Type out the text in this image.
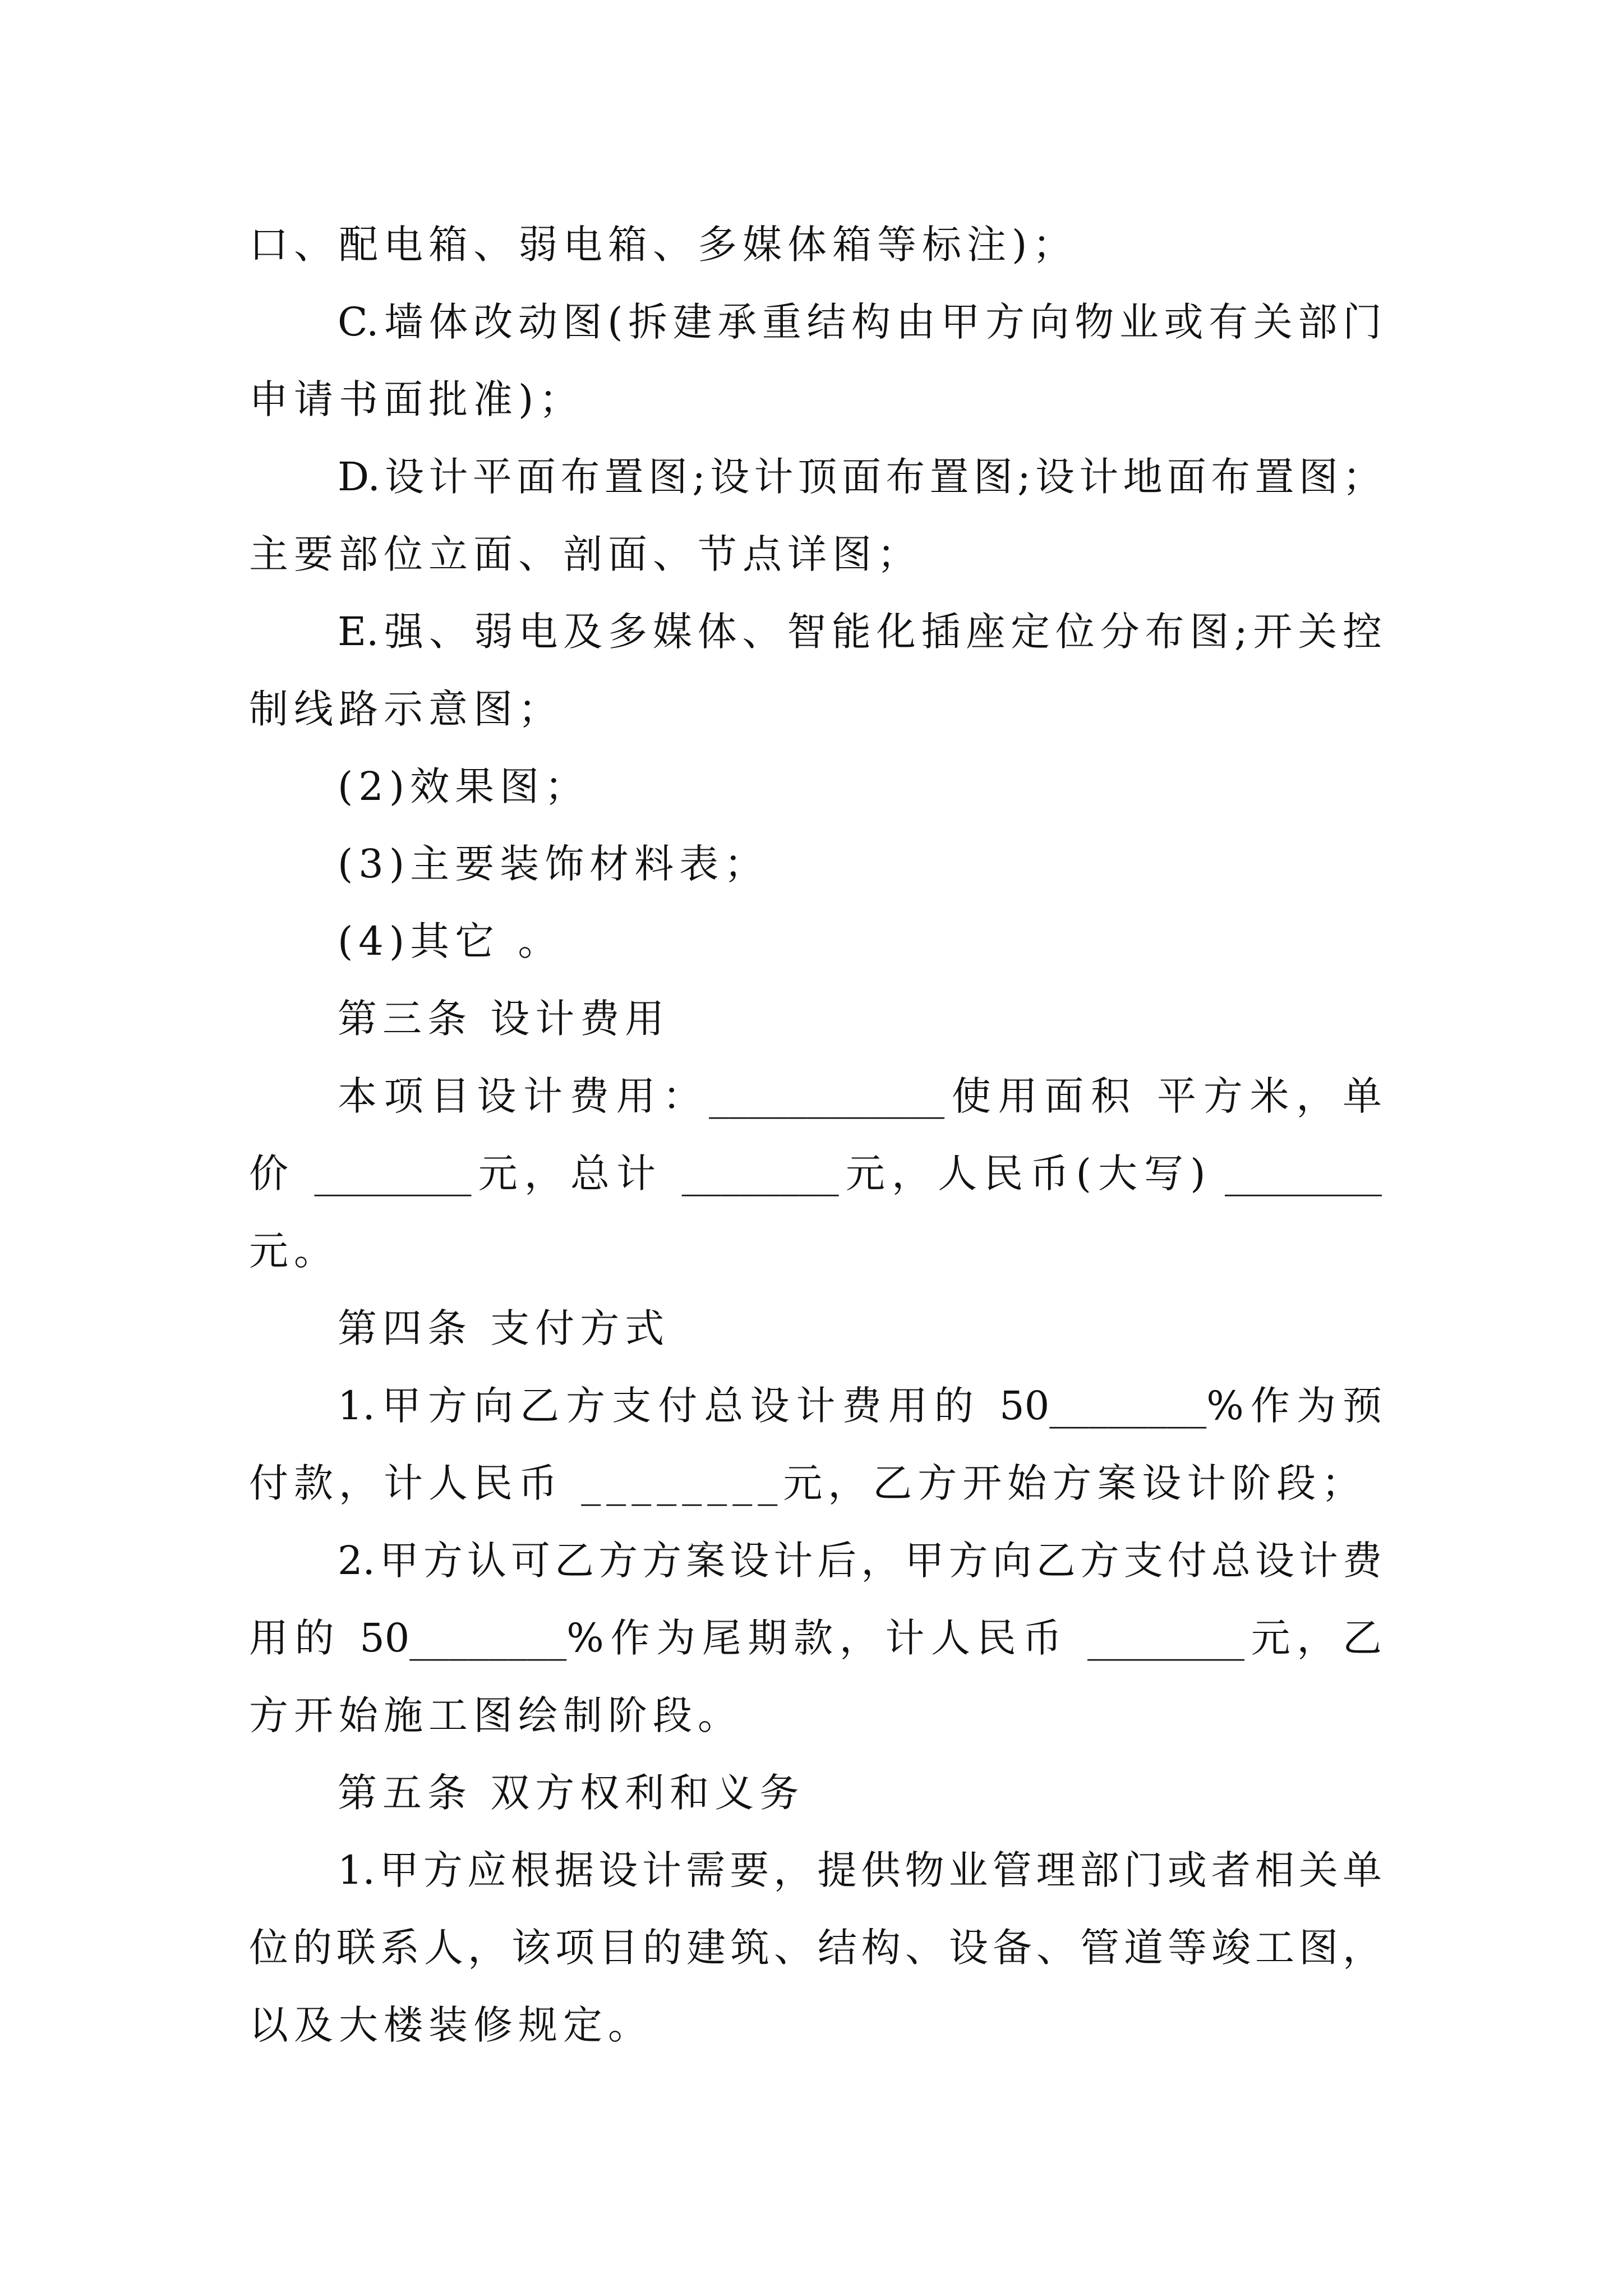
口、配电箱、弱电箱、多媒体箱等标注)；

C.墙体改动图(拆建承重结构由甲方向物业或有关部门

申请书面批准)；

D.设计平面布置图;设计顶面布置图;设计地面布置图；

主要部位立面、剖面、节点详图；

E.强、弱电及多媒体、智能化插座定位分布图;开关控

制线路示意图；

(2)效果图；

(3)主要装饰材料表；

(4)其它 。

第三条 设计费用

本项目设计费用：____________使用面积 平方米，单

价 ________元，总计 ________元，人民币(大写) ________

元。

第四条 支付方式

1.甲方向乙方支付总设计费用的 50________%作为预

付款，计人民币 ________元，乙方开始方案设计阶段；

2.甲方认可乙方方案设计后，甲方向乙方支付总设计费

用的 50________%作为尾期款，计人民币 ________元，乙

方开始施工图绘制阶段。

第五条 双方权利和义务

1.甲方应根据设计需要，提供物业管理部门或者相关单

位的联系人，该项目的建筑、结构、设备、管道等竣工图，

以及大楼装修规定。
